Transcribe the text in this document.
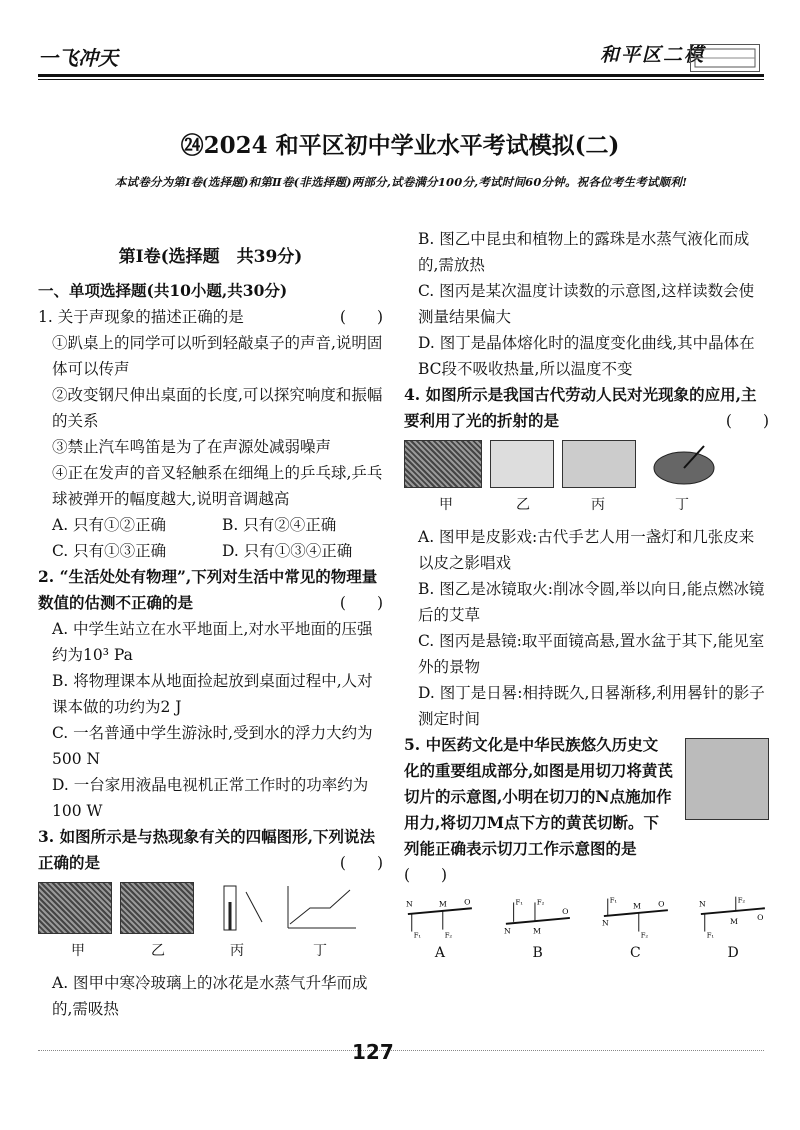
一飞冲天	和平区二模
㉔2024 和平区初中学业水平考试模拟(二)
本试卷分为第Ⅰ卷(选择题)和第Ⅱ卷(非选择题)两部分,试卷满分100分,考试时间60分钟。祝各位考生考试顺利!

第Ⅰ卷(选择题　共39分)

一、单项选择题(共10小题,共30分)

1. 关于声现象的描述正确的是	(　　)

①趴桌上的同学可以听到轻敲桌子的声音,说明固体可以传声

②改变钢尺伸出桌面的长度,可以探究响度和振幅的关系

③禁止汽车鸣笛是为了在声源处减弱噪声

④正在发声的音叉轻触系在细绳上的乒乓球,乒乓球被弹开的幅度越大,说明音调越高

A. 只有①②正确	B. 只有②④正确

C. 只有①③正确	D. 只有①③④正确

2. “生活处处有物理”,下列对生活中常见的物理量数值的估测不正确的是	(　　)

A. 中学生站立在水平地面上,对水平地面的压强约为10³ Pa

B. 将物理课本从地面捡起放到桌面过程中,人对课本做的功约为2 J

C. 一名普通中学生游泳时,受到水的浮力大约为500 N

D. 一台家用液晶电视机正常工作时的功率约为100 W

3. 如图所示是与热现象有关的四幅图形,下列说法正确的是	(　　)

甲	乙	丙	丁

A. 图甲中寒冷玻璃上的冰花是水蒸气升华而成的,需吸热

B. 图乙中昆虫和植物上的露珠是水蒸气液化而成的,需放热

C. 图丙是某次温度计读数的示意图,这样读数会使测量结果偏大

D. 图丁是晶体熔化时的温度变化曲线,其中晶体在BC段不吸收热量,所以温度不变

4. 如图所示是我国古代劳动人民对光现象的应用,主要利用了光的折射的是	(　　)

甲	乙	丙	丁

A. 图甲是皮影戏:古代手艺人用一盏灯和几张皮来以皮之影唱戏

B. 图乙是冰镜取火:削冰令圆,举以向日,能点燃冰镜后的艾草

C. 图丙是悬镜:取平面镜高悬,置水盆于其下,能见室外的景物

D. 图丁是日晷:相持既久,日晷渐移,利用晷针的影子测定时间

5. 中医药文化是中华民族悠久历史文化的重要组成部分,如图是用切刀将黄芪切片的示意图,小明在切刀的N点施加作用力,将切刀M点下方的黄芪切断。下列能正确表示切刀工作示意图的是(　　)

N	M O
F₁	F₂	N	M
O
F₁ F₂
N
M O
F₁
F₂
N
M O
F₁
F₂
A	B	C	D
127
